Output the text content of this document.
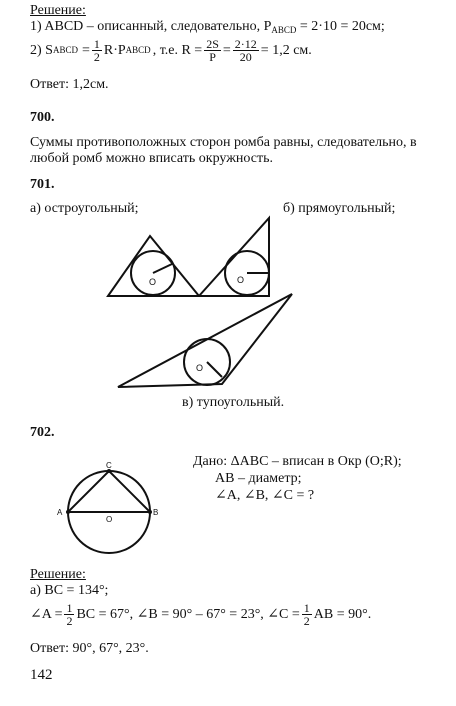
Решение:
1) ABCD – описанный, следовательно, $P_{ABCD} = 2\cdot 10 = 20см$;
2) S ABCD = $\frac{1}{2} R\cdot P$ ABCD , т.е. $R = \frac{2S}{P} = \frac{2\cdot 12}{20} = 1,2$ см.
Ответ: 1,2см.
700.
Суммы противоположных сторон ромба равны, следовательно, в
любой ромб можно вписать окружность.
701.
а) остроугольный;	б) прямоугольный;
O	O
O
в) тупоугольный.
702.
A	B
C
O
Дано: ΔABC – вписан в Окр (O;R);
AB – диаметр;
∠A, ∠B, ∠C = ?
Решение:
а) BC = 134°;
∠A = $\frac{1}{2}$ BC = 67°, ∠B = 90° – 67° = 23°, ∠C = $\frac{1}{2}$ AB = 90°.
Ответ: 90°, 67°, 23°.
142
